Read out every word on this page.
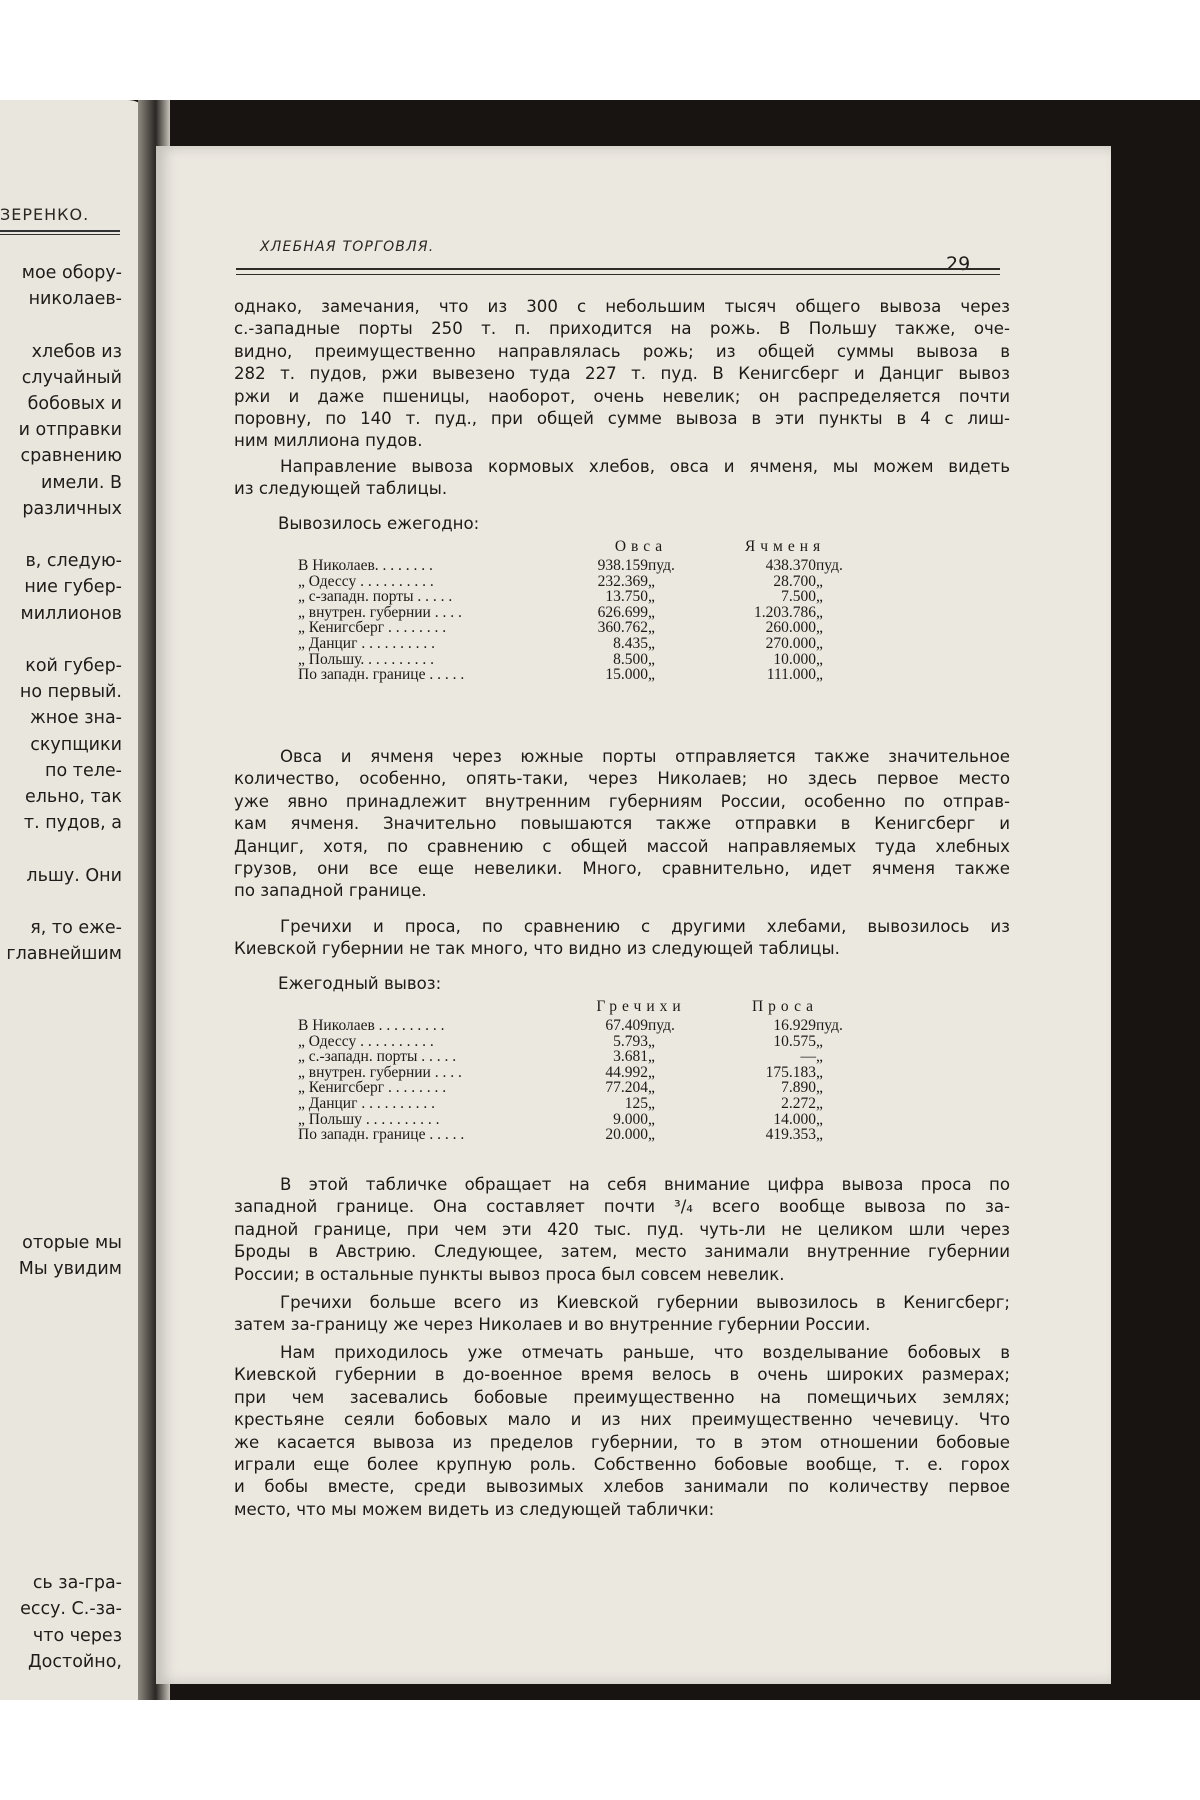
ЗЕРЕНКО.
мое обору-
николаев-

хлебов из
случайный
бобовых и
и отправки
сравнению
имели. В
различных

в, следую-
ние губер-
миллионов

кой губер-
но первый.
жное зна-
скупщики
по теле-
ельно, так
т. пудов, а

льшу. Они

я, то еже-
главнейшим

оторые мы
Мы увидим

сь за-гра-
ессу. С.-за-
что через
Достойно,
ХЛЕБНАЯ ТОРГОВЛЯ.
29
однако, замечания, что из 300 с небольшим тысяч общего вывоза через
с.-западные порты 250 т. п. приходится на рожь. В Польшу также, оче-
видно, преимущественно направлялась рожь; из общей суммы вывоза в
282 т. пудов, ржи вывезено туда 227 т. пуд. В Кенигсберг и Данциг вывоз
ржи и даже пшеницы, наоборот, очень невелик; он распределяется почти
поровну, по 140 т. пуд., при общей сумме вывоза в эти пункты в 4 с лиш-
ним миллиона пудов.
Направление вывоза кормовых хлебов, овса и ячменя, мы можем видеть
из следующей таблицы.
Вывозилось ежегодно:
	Овса		Ячменя	
В Николаев. . . . . . . .	938.159	пуд.	438.370	пуд.
„ Одессу . . . . . . . . . .	232.369	„	28.700	„
„ с-западн. порты . . . . .	13.750	„	7.500	„
„ внутрен. губернии . . . .	626.699	„	1.203.786	„
„ Кенигсберг . . . . . . . .	360.762	„	260.000	„
„ Данциг . . . . . . . . . .	8.435	„	270.000	„
„ Польшу. . . . . . . . . .	8.500	„	10.000	„
По западн. границе . . . . .	15.000	„	111.000	„
Овса и ячменя через южные порты отправляется также значительное
количество, особенно, опять-таки, через Николаев; но здесь первое место
уже явно принадлежит внутренним губерниям России, особенно по отправ-
кам ячменя. Значительно повышаются также отправки в Кенигсберг и
Данциг, хотя, по сравнению с общей массой направляемых туда хлебных
грузов, они все еще невелики. Много, сравнительно, идет ячменя также
по западной границе.
Гречихи и проса, по сравнению с другими хлебами, вывозилось из
Киевской губернии не так много, что видно из следующей таблицы.
Ежегодный вывоз:
	Гречихи		Проса	
В Николаев . . . . . . . . .	67.409	пуд.	16.929	пуд.
„ Одессу . . . . . . . . . .	5.793	„	10.575	„
„ с.-западн. порты . . . . .	3.681	„	—	„
„ внутрен. губернии . . . .	44.992	„	175.183	„
„ Кенигсберг . . . . . . . .	77.204	„	7.890	„
„ Данциг . . . . . . . . . .	125	„	2.272	„
„ Польшу . . . . . . . . . .	9.000	„	14.000	„
По западн. границе . . . . .	20.000	„	419.353	„
В этой табличке обращает на себя внимание цифра вывоза проса по
западной границе. Она составляет почти ³/₄ всего вообще вывоза по за-
падной границе, при чем эти 420 тыс. пуд. чуть-ли не целиком шли через
Броды в Австрию. Следующее, затем, место занимали внутренние губернии
России; в остальные пункты вывоз проса был совсем невелик.
Гречихи больше всего из Киевской губернии вывозилось в Кенигсберг;
затем за-границу же через Николаев и во внутренние губернии России.
Нам приходилось уже отмечать раньше, что возделывание бобовых в
Киевской губернии в до-военное время велось в очень широких размерах;
при чем засевались бобовые преимущественно на помещичьих землях;
крестьяне сеяли бобовых мало и из них преимущественно чечевицу. Что
же касается вывоза из пределов губернии, то в этом отношении бобовые
играли еще более крупную роль. Собственно бобовые вообще, т. е. горох
и бобы вместе, среди вывозимых хлебов занимали по количеству первое
место, что мы можем видеть из следующей таблички:
